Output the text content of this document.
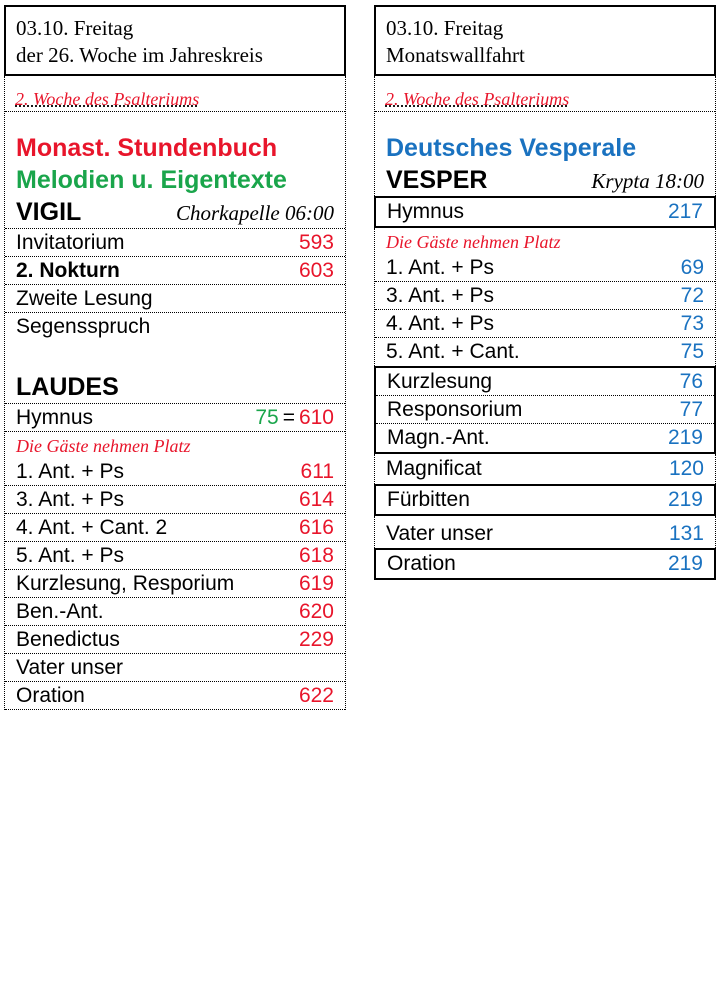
03.10. Freitag
der 26. Woche im Jahreskreis
2. Woche des Psalteriums
Monast. Stundenbuch
Melodien u. Eigentexte
VIGIL	Chorkapelle 06:00
Invitatorium	593
2. Nokturn	603
Zweite Lesung
Segensspruch
LAUDES
Hymnus	75 = 610
Die Gäste nehmen Platz
1. Ant. + Ps	611
3. Ant. + Ps	614
4. Ant. + Cant. 2	616
5. Ant. + Ps	618
Kurzlesung, Resporium	619
Ben.-Ant.	620
Benedictus	229
Vater unser
Oration	622
03.10. Freitag
Monatswallfahrt
2. Woche des Psalteriums
Deutsches Vesperale
VESPER	Krypta 18:00
Hymnus	217
Die Gäste nehmen Platz
1. Ant. + Ps	69
3. Ant. + Ps	72
4. Ant. + Ps	73
5. Ant. + Cant.	75
Kurzlesung	76
Responsorium	77
Magn.-Ant.	219
Magnificat	120
Fürbitten	219
Vater unser	131
Oration	219
